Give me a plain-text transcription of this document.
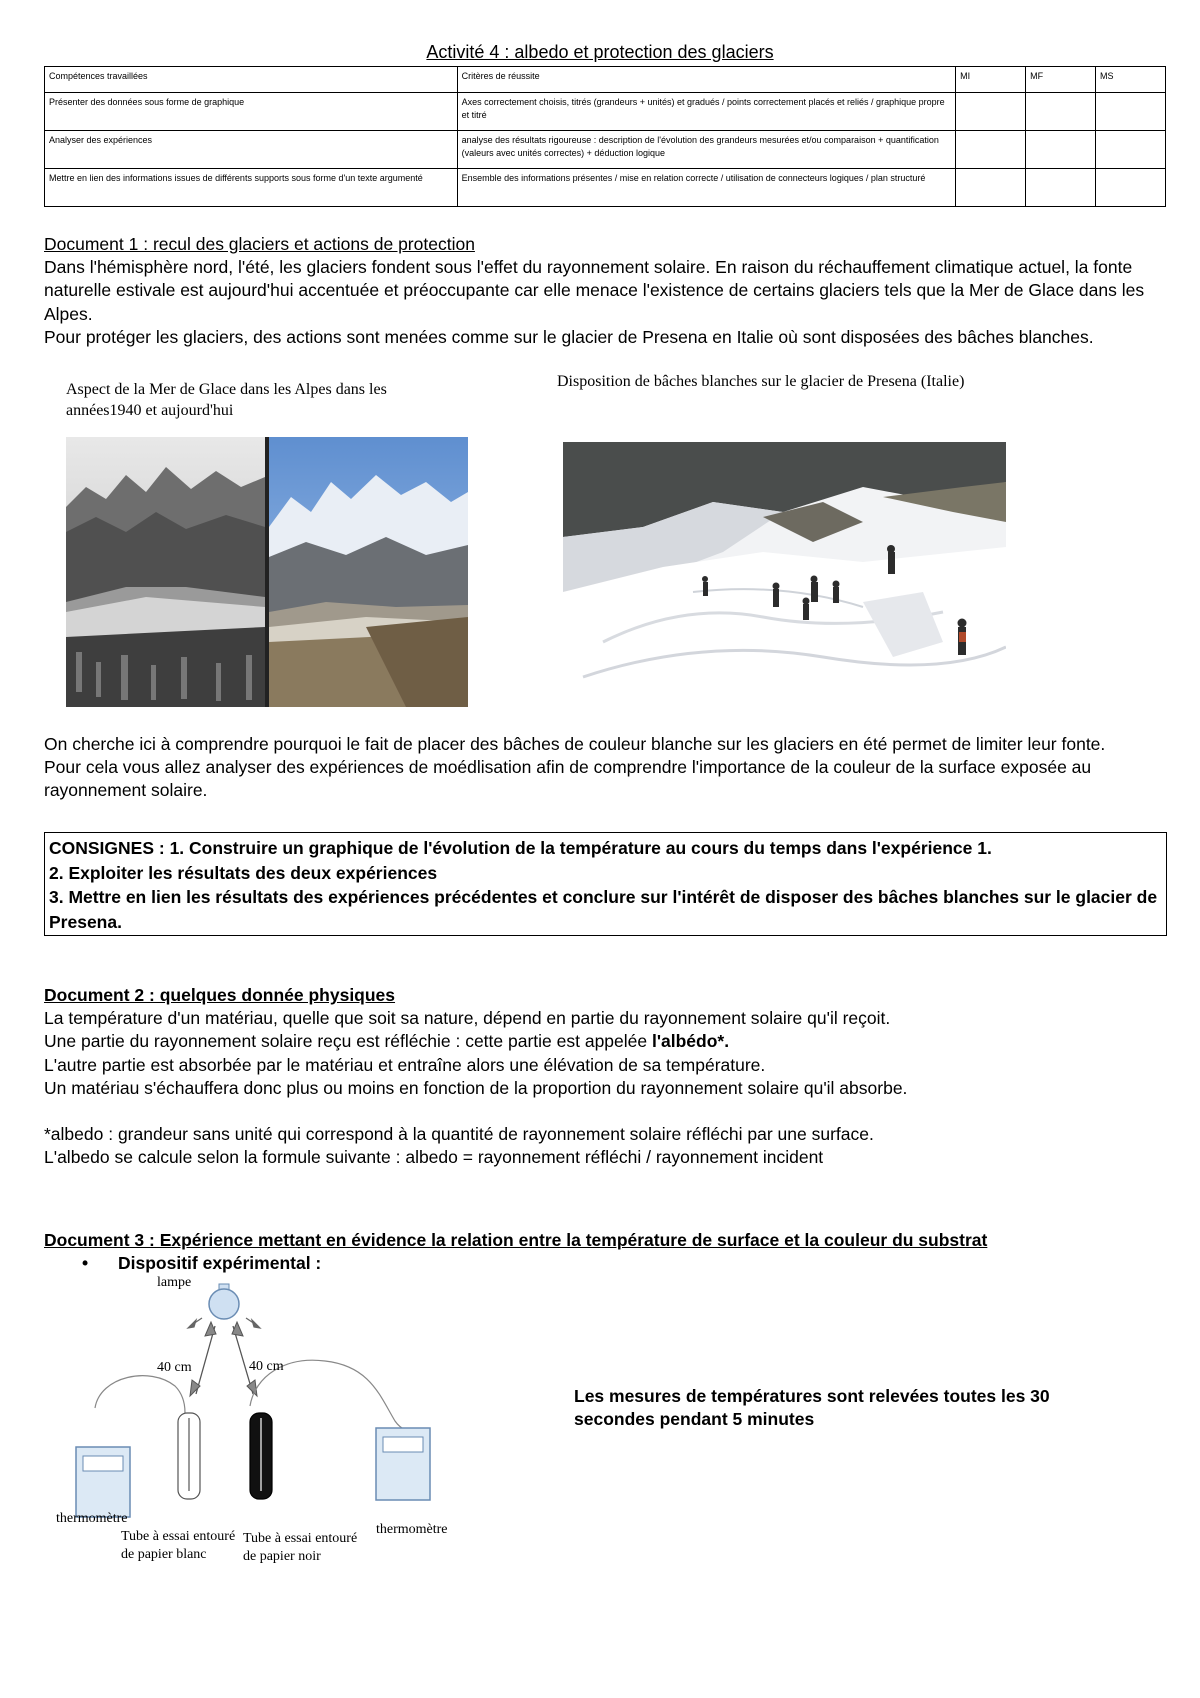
Activité 4 : albedo et protection des glaciers
Compétences travaillées	Critères de réussite	MI	MF	MS
Présenter des données sous forme de graphique	Axes correctement choisis, titrés (grandeurs + unités) et gradués / points correctement placés et reliés / graphique propre et titré			
Analyser des expériences	analyse des résultats rigoureuse : description de l'évolution des grandeurs mesurées et/ou comparaison + quantification (valeurs avec unités correctes) + déduction logique			
Mettre en lien des informations issues de différents supports sous forme d'un texte argumenté	Ensemble des informations présentes / mise en relation correcte / utilisation de connecteurs logiques / plan structuré			
Document 1 : recul des glaciers et actions de protection
Dans l'hémisphère nord, l'été, les glaciers fondent sous l'effet du rayonnement solaire. En raison du réchauffement climatique actuel, la fonte naturelle estivale est aujourd'hui accentuée et préoccupante car elle menace l'existence de certains glaciers tels que la Mer de Glace dans les Alpes.
Pour protéger les glaciers, des actions sont menées comme sur le glacier de Presena en Italie où sont disposées des bâches blanches.
Aspect de la Mer de Glace dans les Alpes dans les années1940 et aujourd'hui
Disposition de bâches blanches sur le glacier de Presena (Italie)
On cherche ici à comprendre pourquoi le fait de placer des bâches de couleur blanche sur les glaciers en été permet de limiter leur fonte.
Pour cela vous allez analyser des expériences de moédlisation afin de comprendre l'importance de la couleur de la surface exposée au rayonnement solaire.
CONSIGNES : 1. Construire un graphique de l'évolution de la température au cours du temps dans l'expérience 1.
2. Exploiter les résultats des deux expériences
3. Mettre en lien les résultats des expériences précédentes et conclure sur l'intérêt de disposer des bâches blanches sur le glacier de Presena.
Document 2 : quelques donnée physiques
La température d'un matériau, quelle que soit sa nature, dépend en partie du rayonnement solaire qu'il reçoit.
Une partie du rayonnement solaire reçu est réfléchie : cette partie est appelée l'albédo*.
L'autre partie est absorbée par le matériau et entraîne alors une élévation de sa température.
Un matériau s'échauffera donc plus ou moins en fonction de la proportion du rayonnement solaire qu'il absorbe.
*albedo : grandeur sans unité qui correspond à la quantité de rayonnement solaire réfléchi par une surface.
L'albedo se calcule selon la formule suivante : albedo = rayonnement réfléchi / rayonnement incident
Document 3 : Expérience mettant en évidence la relation entre la température de surface et la couleur du substrat
• Dispositif expérimental :
lampe
40 cm	40 cm
thermomètre
thermomètre
Tube à essai entouré de papier blanc
Tube à essai entouré de papier noir
Les mesures de températures sont relevées toutes les 30 secondes pendant 5 minutes
